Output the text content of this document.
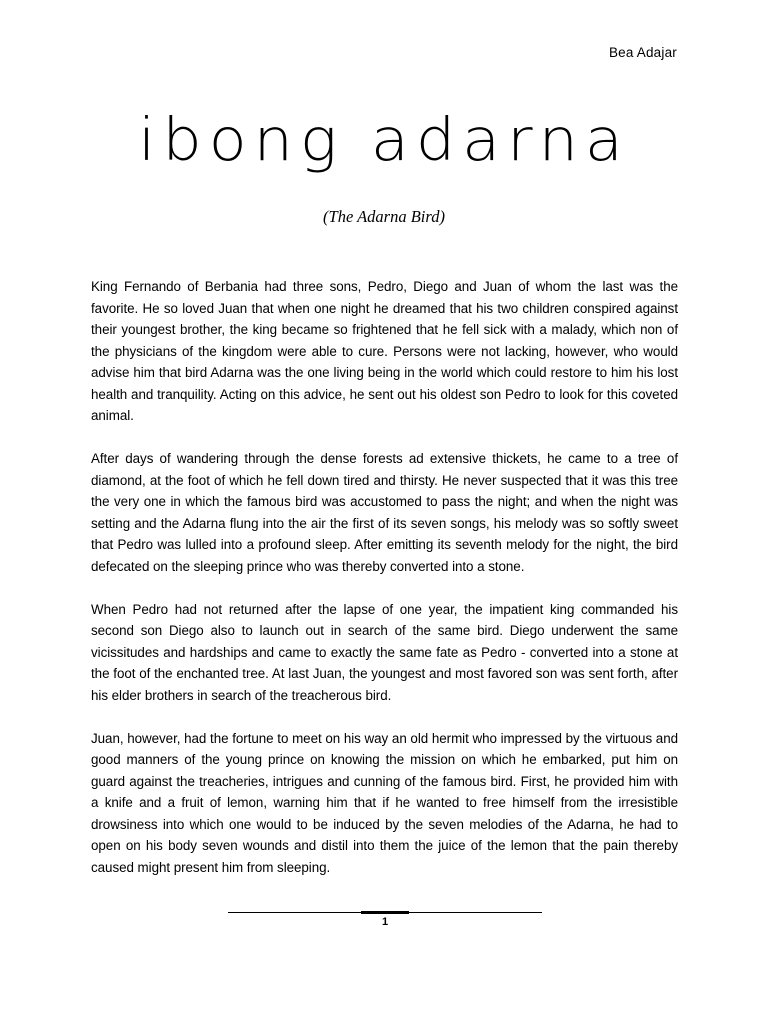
Bea Adajar
ibong adarna
(The Adarna Bird)

King Fernando of Berbania had three sons, Pedro, Diego and Juan of whom the last was the favorite. He so loved Juan that when one night he dreamed that his two children conspired against their youngest brother, the king became so frightened that he fell sick with a malady, which non of the physicians of the kingdom were able to cure. Persons were not lacking, however, who would advise him that bird Adarna was the one living being in the world which could restore to him his lost health and tranquility. Acting on this advice, he sent out his oldest son Pedro to look for this coveted animal.

After days of wandering through the dense forests ad extensive thickets, he came to a tree of diamond, at the foot of which he fell down tired and thirsty. He never suspected that it was this tree the very one in which the famous bird was accustomed to pass the night; and when the night was setting and the Adarna flung into the air the first of its seven songs, his melody was so softly sweet that Pedro was lulled into a profound sleep. After emitting its seventh melody for the night, the bird defecated on the sleeping prince who was thereby converted into a stone.

When Pedro had not returned after the lapse of one year, the impatient king commanded his second son Diego also to launch out in search of the same bird. Diego underwent the same vicissitudes and hardships and came to exactly the same fate as Pedro - converted into a stone at the foot of the enchanted tree. At last Juan, the youngest and most favored son was sent forth, after his elder brothers in search of the treacherous bird.

Juan, however, had the fortune to meet on his way an old hermit who impressed by the virtuous and good manners of the young prince on knowing the mission on which he embarked, put him on guard against the treacheries, intrigues and cunning of the famous bird. First, he provided him with a knife and a fruit of lemon, warning him that if he wanted to free himself from the irresistible drowsiness into which one would to be induced by the seven melodies of the Adarna, he had to open on his body seven wounds and distil into them the juice of the lemon that the pain thereby caused might present him from sleeping.

1
